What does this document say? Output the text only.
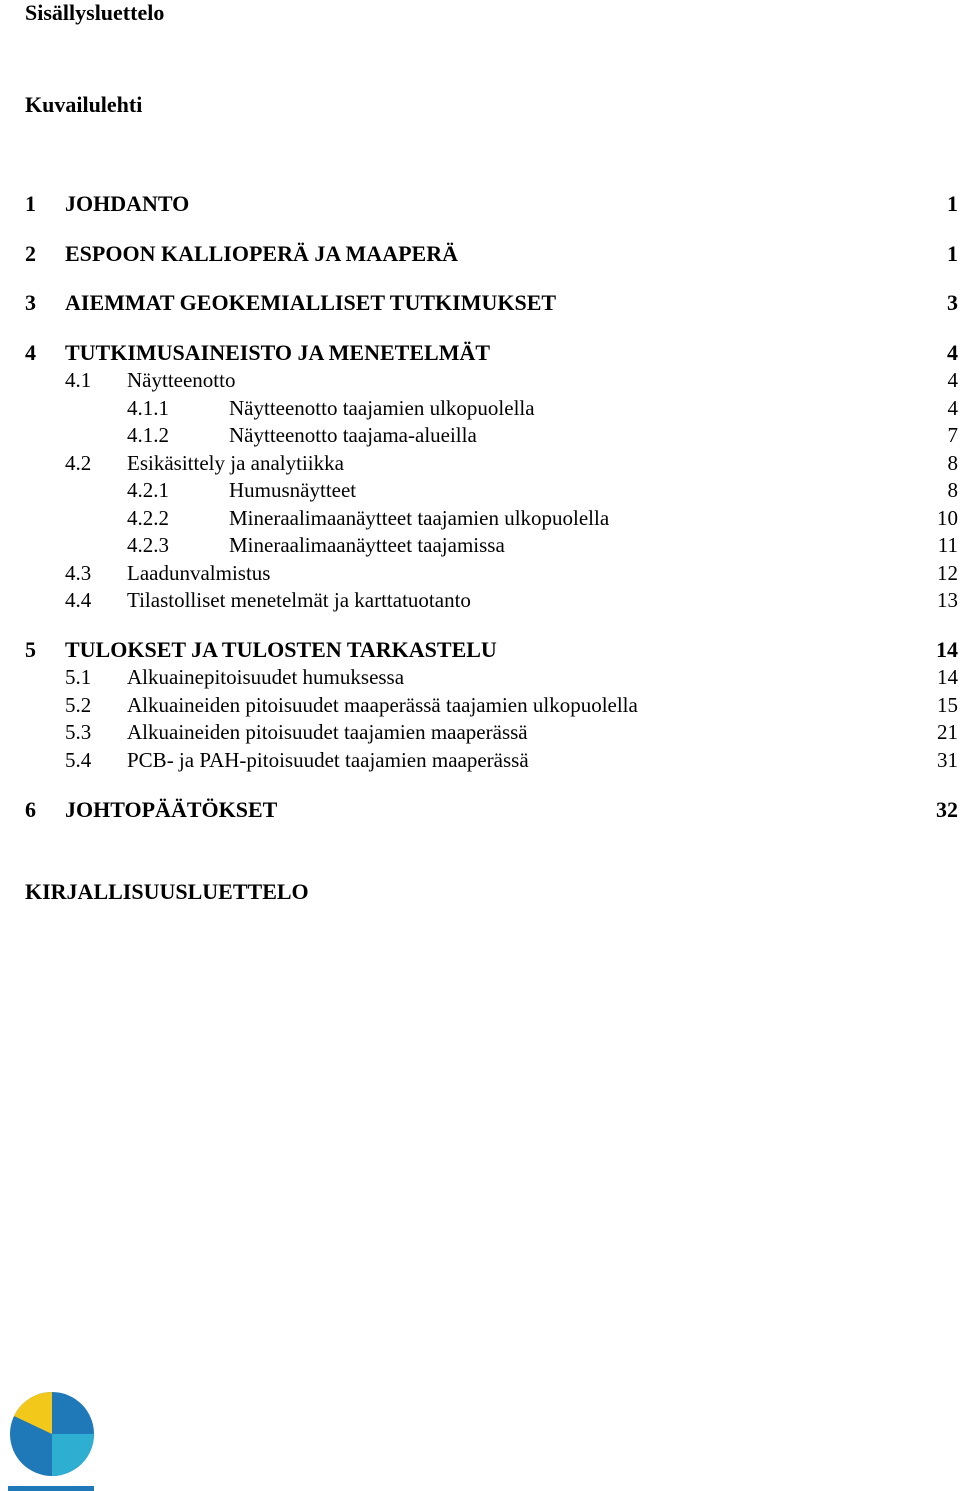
Sisällysluettelo
Kuvailulehti
1 JOHDANTO	1
2 ESPOON KALLIOPERÄ JA MAAPERÄ	1
3 AIEMMAT GEOKEMIALLISET TUTKIMUKSET	3
4 TUTKIMUSAINEISTO JA MENETELMÄT	4
4.1 Näytteenotto	4
4.1.1	Näytteenotto taajamien ulkopuolella	4
4.1.2	Näytteenotto taajama-alueilla	7
4.2 Esikäsittely ja analytiikka	8
4.2.1	Humusnäytteet	8
4.2.2	Mineraalimaanäytteet taajamien ulkopuolella	10
4.2.3	Mineraalimaanäytteet taajamissa	11
4.3 Laadunvalmistus	12
4.4 Tilastolliset menetelmät ja karttatuotanto	13
5 TULOKSET JA TULOSTEN TARKASTELU	14
5.1 Alkuainepitoisuudet humuksessa	14
5.2 Alkuaineiden pitoisuudet maaperässä taajamien ulkopuolella	15
5.3 Alkuaineiden pitoisuudet taajamien maaperässä	21
5.4 PCB- ja PAH-pitoisuudet taajamien maaperässä	31
6 JOHTOPÄÄTÖKSET	32
KIRJALLISUUSLUETTELO
